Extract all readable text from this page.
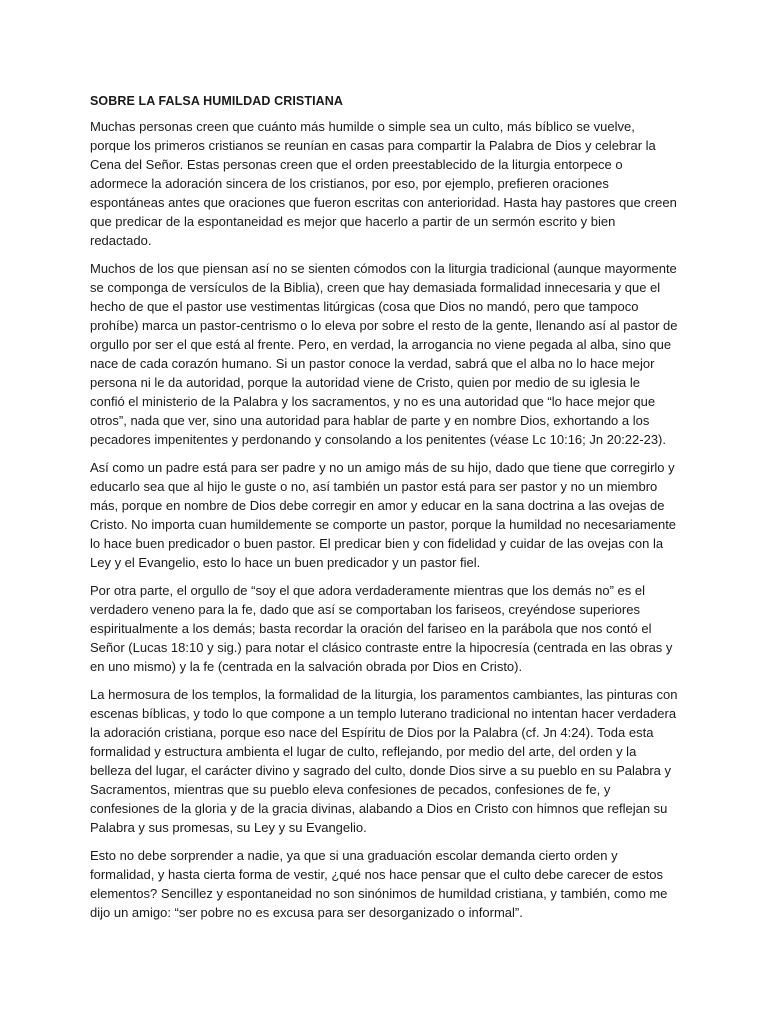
SOBRE LA FALSA HUMILDAD CRISTIANA

Muchas personas creen que cuánto más humilde o simple sea un culto, más bíblico se vuelve, porque los primeros cristianos se reunían en casas para compartir la Palabra de Dios y celebrar la Cena del Señor. Estas personas creen que el orden preestablecido de la liturgia entorpece o adormece la adoración sincera de los cristianos, por eso, por ejemplo, prefieren oraciones espontáneas antes que oraciones que fueron escritas con anterioridad. Hasta hay pastores que creen que predicar de la espontaneidad es mejor que hacerlo a partir de un sermón escrito y bien redactado.

Muchos de los que piensan así no se sienten cómodos con la liturgia tradicional (aunque mayormente se componga de versículos de la Biblia), creen que hay demasiada formalidad innecesaria y que el hecho de que el pastor use vestimentas litúrgicas (cosa que Dios no mandó, pero que tampoco prohíbe) marca un pastor-centrismo o lo eleva por sobre el resto de la gente, llenando así al pastor de orgullo por ser el que está al frente. Pero, en verdad, la arrogancia no viene pegada al alba, sino que nace de cada corazón humano. Si un pastor conoce la verdad, sabrá que el alba no lo hace mejor persona ni le da autoridad, porque la autoridad viene de Cristo, quien por medio de su iglesia le confió el ministerio de la Palabra y los sacramentos, y no es una autoridad que “lo hace mejor que otros”, nada que ver, sino una autoridad para hablar de parte y en nombre Dios, exhortando a los pecadores impenitentes y perdonando y consolando a los penitentes (véase Lc 10:16; Jn 20:22-23).

Así como un padre está para ser padre y no un amigo más de su hijo, dado que tiene que corregirlo y educarlo sea que al hijo le guste o no, así también un pastor está para ser pastor y no un miembro más, porque en nombre de Dios debe corregir en amor y educar en la sana doctrina a las ovejas de Cristo. No importa cuan humildemente se comporte un pastor, porque la humildad no necesariamente lo hace buen predicador o buen pastor. El predicar bien y con fidelidad y cuidar de las ovejas con la Ley y el Evangelio, esto lo hace un buen predicador y un pastor fiel.

Por otra parte, el orgullo de “soy el que adora verdaderamente mientras que los demás no” es el verdadero veneno para la fe, dado que así se comportaban los fariseos, creyéndose superiores espiritualmente a los demás; basta recordar la oración del fariseo en la parábola que nos contó el Señor (Lucas 18:10 y sig.) para notar el clásico contraste entre la hipocresía (centrada en las obras y en uno mismo) y la fe (centrada en la salvación obrada por Dios en Cristo).

La hermosura de los templos, la formalidad de la liturgia, los paramentos cambiantes, las pinturas con escenas bíblicas, y todo lo que compone a un templo luterano tradicional no intentan hacer verdadera la adoración cristiana, porque eso nace del Espíritu de Dios por la Palabra (cf. Jn 4:24). Toda esta formalidad y estructura ambienta el lugar de culto, reflejando, por medio del arte, del orden y la belleza del lugar, el carácter divino y sagrado del culto, donde Dios sirve a su pueblo en su Palabra y Sacramentos, mientras que su pueblo eleva confesiones de pecados, confesiones de fe, y confesiones de la gloria y de la gracia divinas, alabando a Dios en Cristo con himnos que reflejan su Palabra y sus promesas, su Ley y su Evangelio.

Esto no debe sorprender a nadie, ya que si una graduación escolar demanda cierto orden y formalidad, y hasta cierta forma de vestir, ¿qué nos hace pensar que el culto debe carecer de estos elementos? Sencillez y espontaneidad no son sinónimos de humildad cristiana, y también, como me dijo un amigo: “ser pobre no es excusa para ser desorganizado o informal”.
